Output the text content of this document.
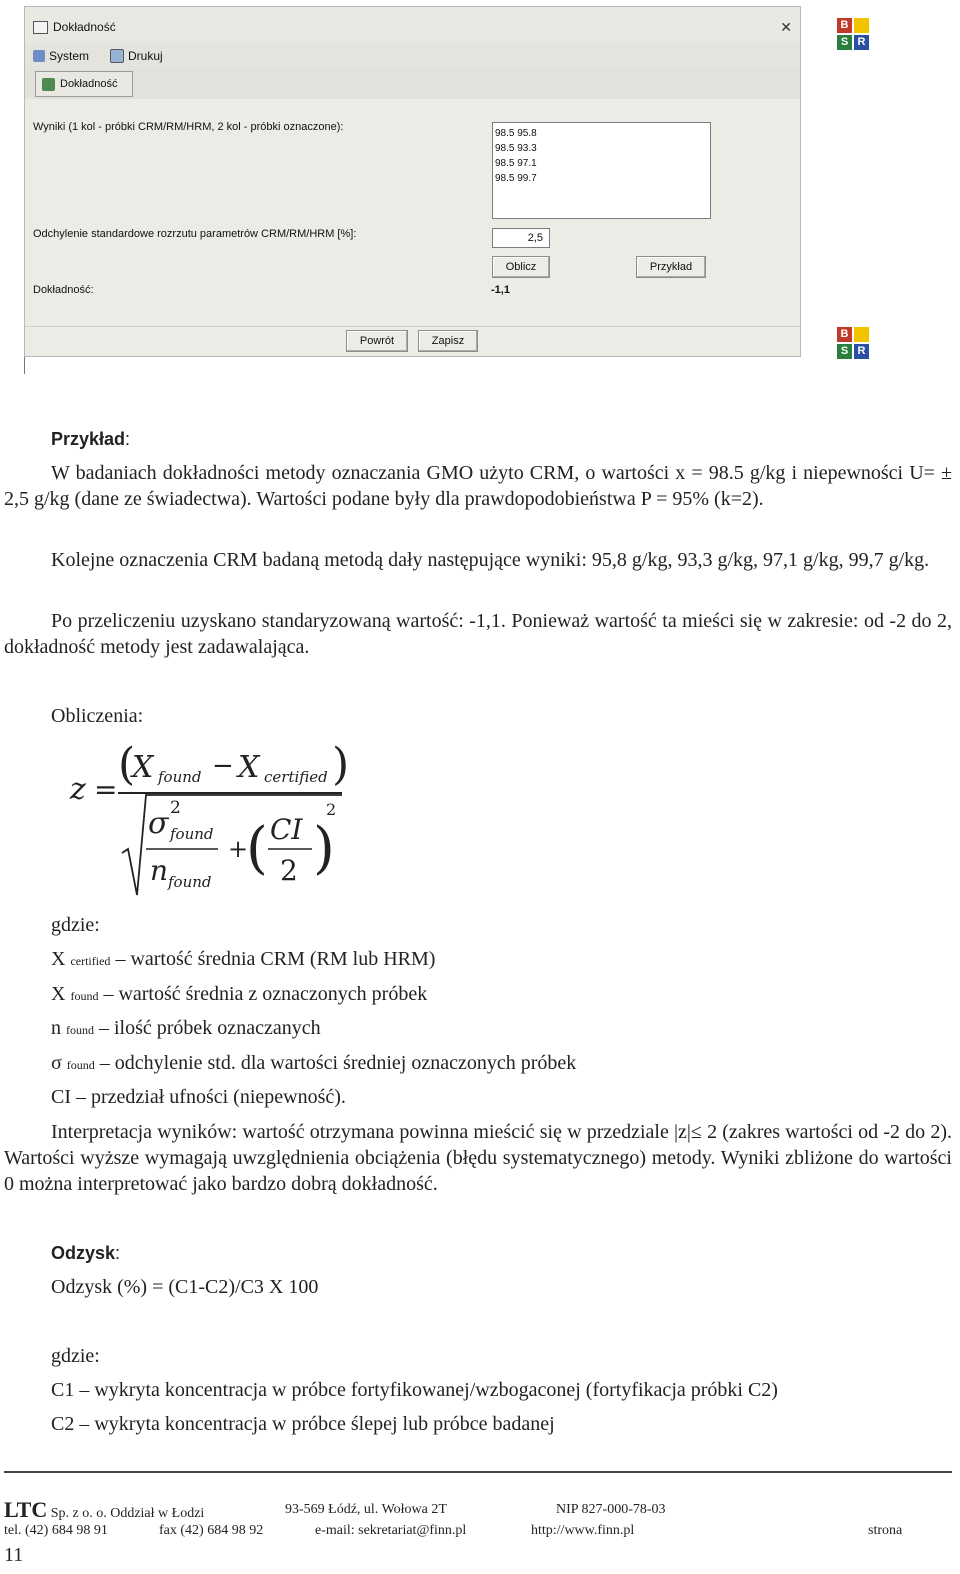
Dokładność	✕
System	Drukuj
Dokładność
Wyniki (1 kol - próbki CRM/RM/HRM, 2 kol - próbki oznaczone):
98.5 95.8
98.5 93.3
98.5 97.1
98.5 99.7
Odchylenie standardowe rozrzutu parametrów CRM/RM/HRM [%]:	2,5
Oblicz	Przykład
Dokładność:	-1,1
Powrót	Zapisz
B
S R
B
S R
Przykład:
W badaniach dokładności metody oznaczania GMO użyto CRM, o wartości x = 98.5 g/kg i niepewności U= ± 2,5 g/kg (dane ze świadectwa). Wartości podane były dla prawdopodobieństwa P = 95% (k=2).
Kolejne oznaczenia CRM badaną metodą dały następujące wyniki: 95,8 g/kg, 93,3 g/kg, 97,1 g/kg, 99,7 g/kg.
Po przeliczeniu uzyskano standaryzowaną wartość: -1,1. Ponieważ wartość ta mieści się w zakresie: od -2 do 2, dokładność metody jest zadawalająca.
Obliczenia:
z = (
X found − X certified )
σ 2
found
n found
+
( CI
2 )
2
gdzie:
X certified – wartość średnia CRM (RM lub HRM)
X found – wartość średnia z oznaczonych próbek
n found – ilość próbek oznaczanych
σ found – odchylenie std. dla wartości średniej oznaczonych próbek
CI – przedział ufności (niepewność).
Interpretacja wyników: wartość otrzymana powinna mieścić się w przedziale |z|≤ 2 (zakres wartości od -2 do 2). Wartości wyższe wymagają uwzględnienia obciążenia (błędu systematycznego) metody. Wyniki zbliżone do wartości 0 można interpretować jako bardzo dobrą dokładność.
Odzysk:
Odzysk (%) = (C1-C2)/C3 X 100
gdzie:
C1 – wykryta koncentracja w próbce fortyfikowanej/wzbogaconej (fortyfikacja próbki C2)
C2 – wykryta koncentracja w próbce ślepej lub próbce badanej
LTC Sp. z o. o. Oddział w Łodzi	93-569 Łódź, ul. Wołowa 2T	NIP 827-000-78-03
tel. (42) 684 98 91	fax (42) 684 98 92	e-mail: sekretariat@finn.pl	http://www.finn.pl	strona
11
